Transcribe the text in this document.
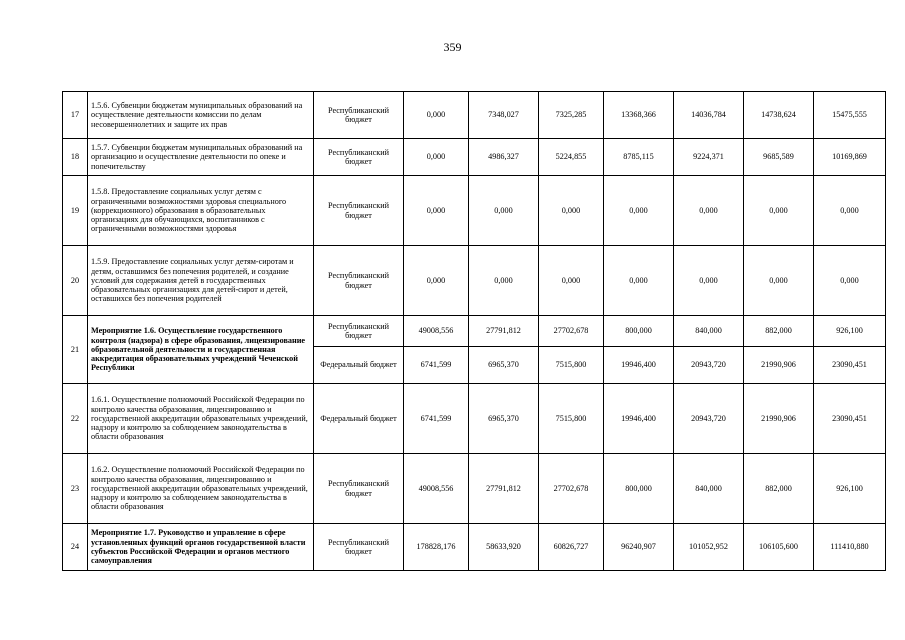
359
17	1.5.6. Субвенции бюджетам муниципальных образований на осуществление деятельности комиссии по делам несовершеннолетних и защите их прав	Республиканский бюджет	0,000	7348,027	7325,285	13368,366	14036,784	14738,624	15475,555
18	1.5.7. Субвенции бюджетам муниципальных образований на организацию и осуществление деятельности по опеке и попечительству	Республиканский бюджет	0,000	4986,327	5224,855	8785,115	9224,371	9685,589	10169,869
19	1.5.8. Предоставление социальных услуг детям с ограниченными возможностями здоровья специального (коррекционного) образования в образовательных организациях для обучающихся, воспитанников с ограниченными возможностями здоровья	Республиканский бюджет	0,000	0,000	0,000	0,000	0,000	0,000	0,000
20	1.5.9. Предоставление социальных услуг детям-сиротам и детям, оставшимся без попечения родителей, и создание условий для содержания детей в государственных образовательных организациях для детей-сирот и детей, оставшихся без попечения родителей	Республиканский бюджет	0,000	0,000	0,000	0,000	0,000	0,000	0,000
21	Мероприятие 1.6. Осуществление государственного контроля (надзора) в сфере образования, лицензирование образовательной деятельности и государственная аккредитация образовательных учреждений Чеченской Республики	Республиканский бюджет	49008,556	27791,812	27702,678	800,000	840,000	882,000	926,100
		Федеральный бюджет	6741,599	6965,370	7515,800	19946,400	20943,720	21990,906	23090,451
22	1.6.1. Осуществление полномочий Российской Федерации по контролю качества образования, лицензированию и государственной аккредитации образовательных учреждений, надзору и контролю за соблюдением законодательства в области образования	Федеральный бюджет	6741,599	6965,370	7515,800	19946,400	20943,720	21990,906	23090,451
23	1.6.2. Осуществление полномочий Российской Федерации по контролю качества образования, лицензированию и государственной аккредитации образовательных учреждений, надзору и контролю за соблюдением законодательства в области образования	Республиканский бюджет	49008,556	27791,812	27702,678	800,000	840,000	882,000	926,100
24	Мероприятие 1.7. Руководство и управление в сфере установленных функций органов государственной власти субъектов Российской Федерации и органов местного самоуправления	Республиканский бюджет	178828,176	58633,920	60826,727	96240,907	101052,952	106105,600	111410,880
